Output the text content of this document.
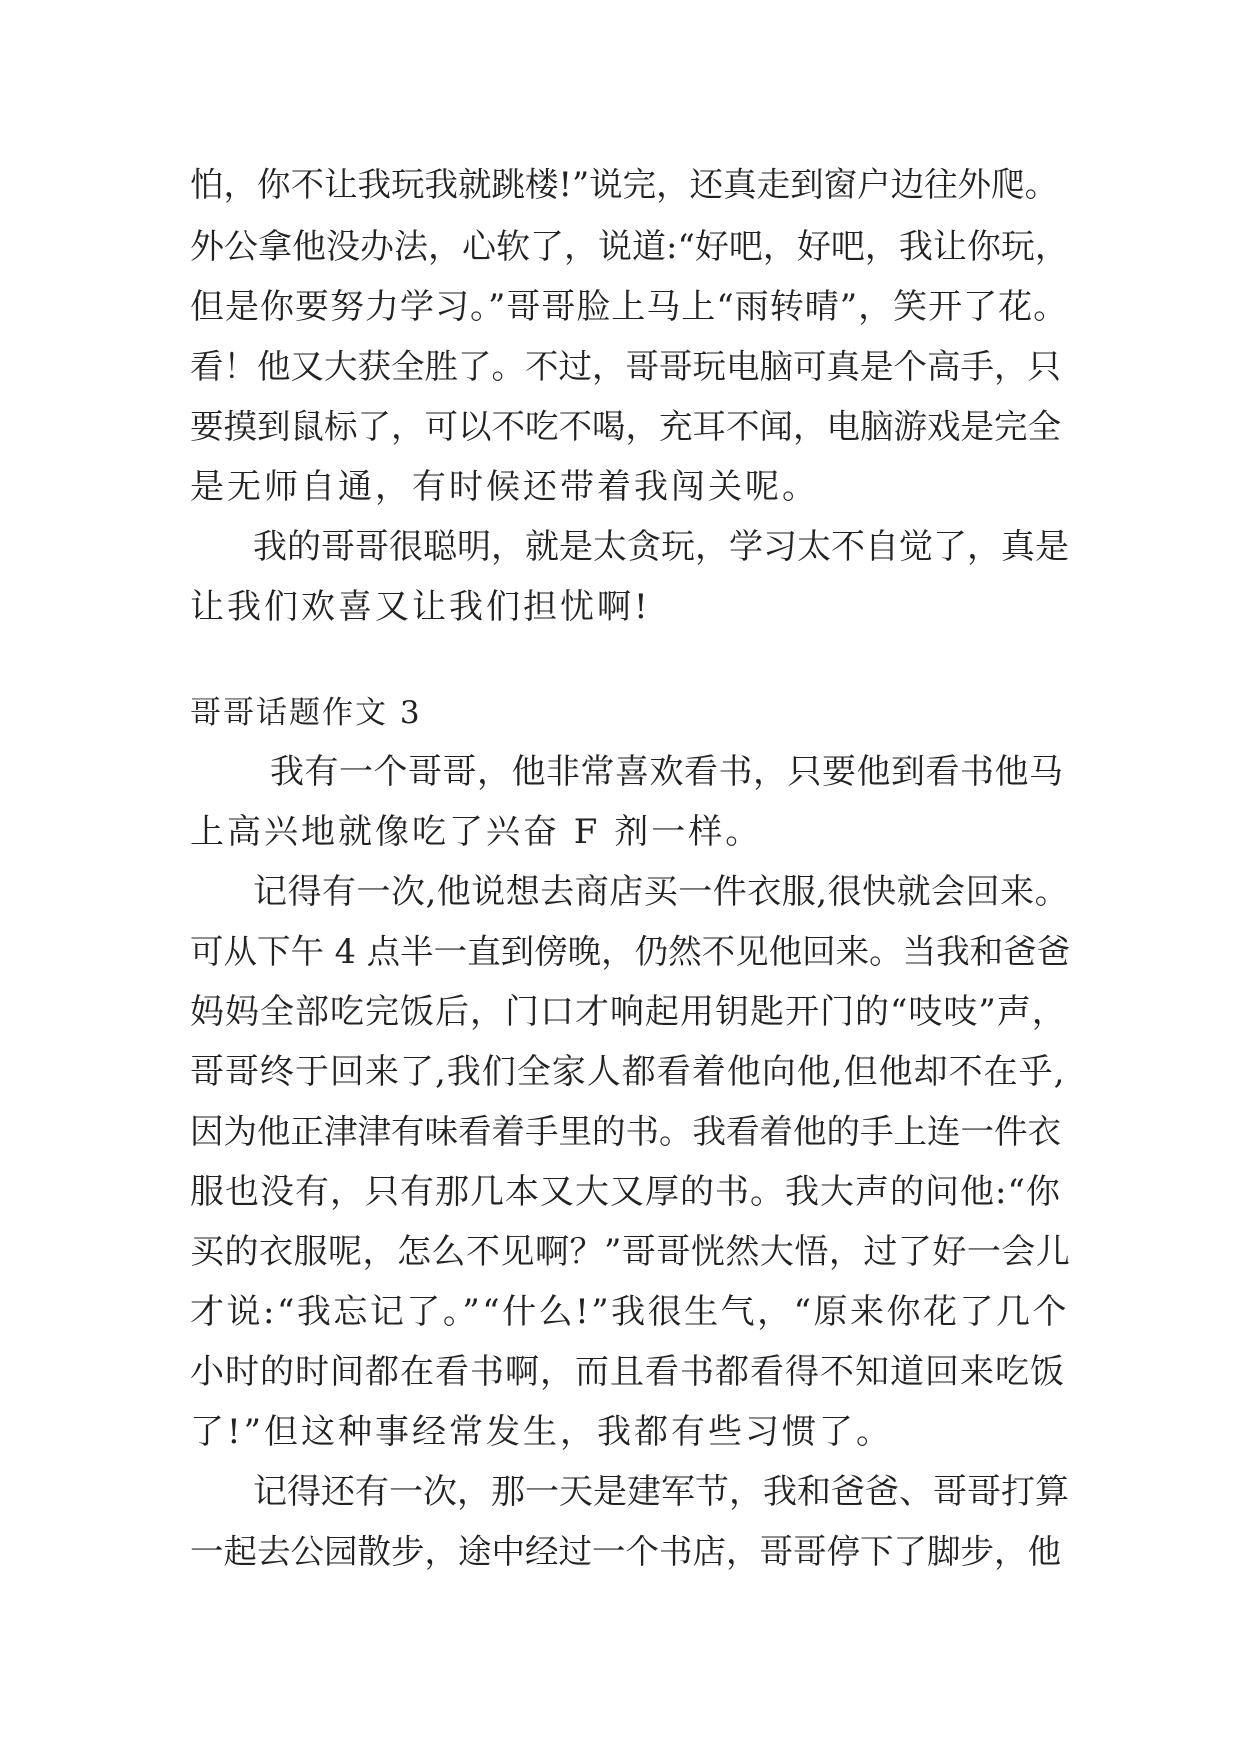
怕，你不让我玩我就跳楼!”说完，还真走到窗户边往外爬。
外公拿他没办法，心软了，说道:“好吧，好吧，我让你玩，
但是你要努力学习。”哥哥脸上马上“雨转晴”，笑开了花。
看！他又大获全胜了。不过，哥哥玩电脑可真是个高手，只
要摸到鼠标了，可以不吃不喝，充耳不闻，电脑游戏是完全
是无师自通，有时候还带着我闯关呢。
我的哥哥很聪明，就是太贪玩，学习太不自觉了，真是
让我们欢喜又让我们担忧啊!
哥哥话题作文 3
我有一个哥哥，他非常喜欢看书，只要他到看书他马
上高兴地就像吃了兴奋 F 剂一样。
记得有一次,他说想去商店买一件衣服,很快就会回来。
可从下午 4 点半一直到傍晚，仍然不见他回来。当我和爸爸
妈妈全部吃完饭后，门口才响起用钥匙开门的“吱吱”声，
哥哥终于回来了,我们全家人都看着他向他,但他却不在乎,
因为他正津津有味看着手里的书。我看着他的手上连一件衣
服也没有，只有那几本又大又厚的书。我大声的问他:“你
买的衣服呢，怎么不见啊？”哥哥恍然大悟，过了好一会儿
才说:“我忘记了。”“什么!”我很生气，“原来你花了几个
小时的时间都在看书啊，而且看书都看得不知道回来吃饭
了!”但这种事经常发生，我都有些习惯了。
记得还有一次，那一天是建军节，我和爸爸、哥哥打算
一起去公园散步，途中经过一个书店，哥哥停下了脚步，他
